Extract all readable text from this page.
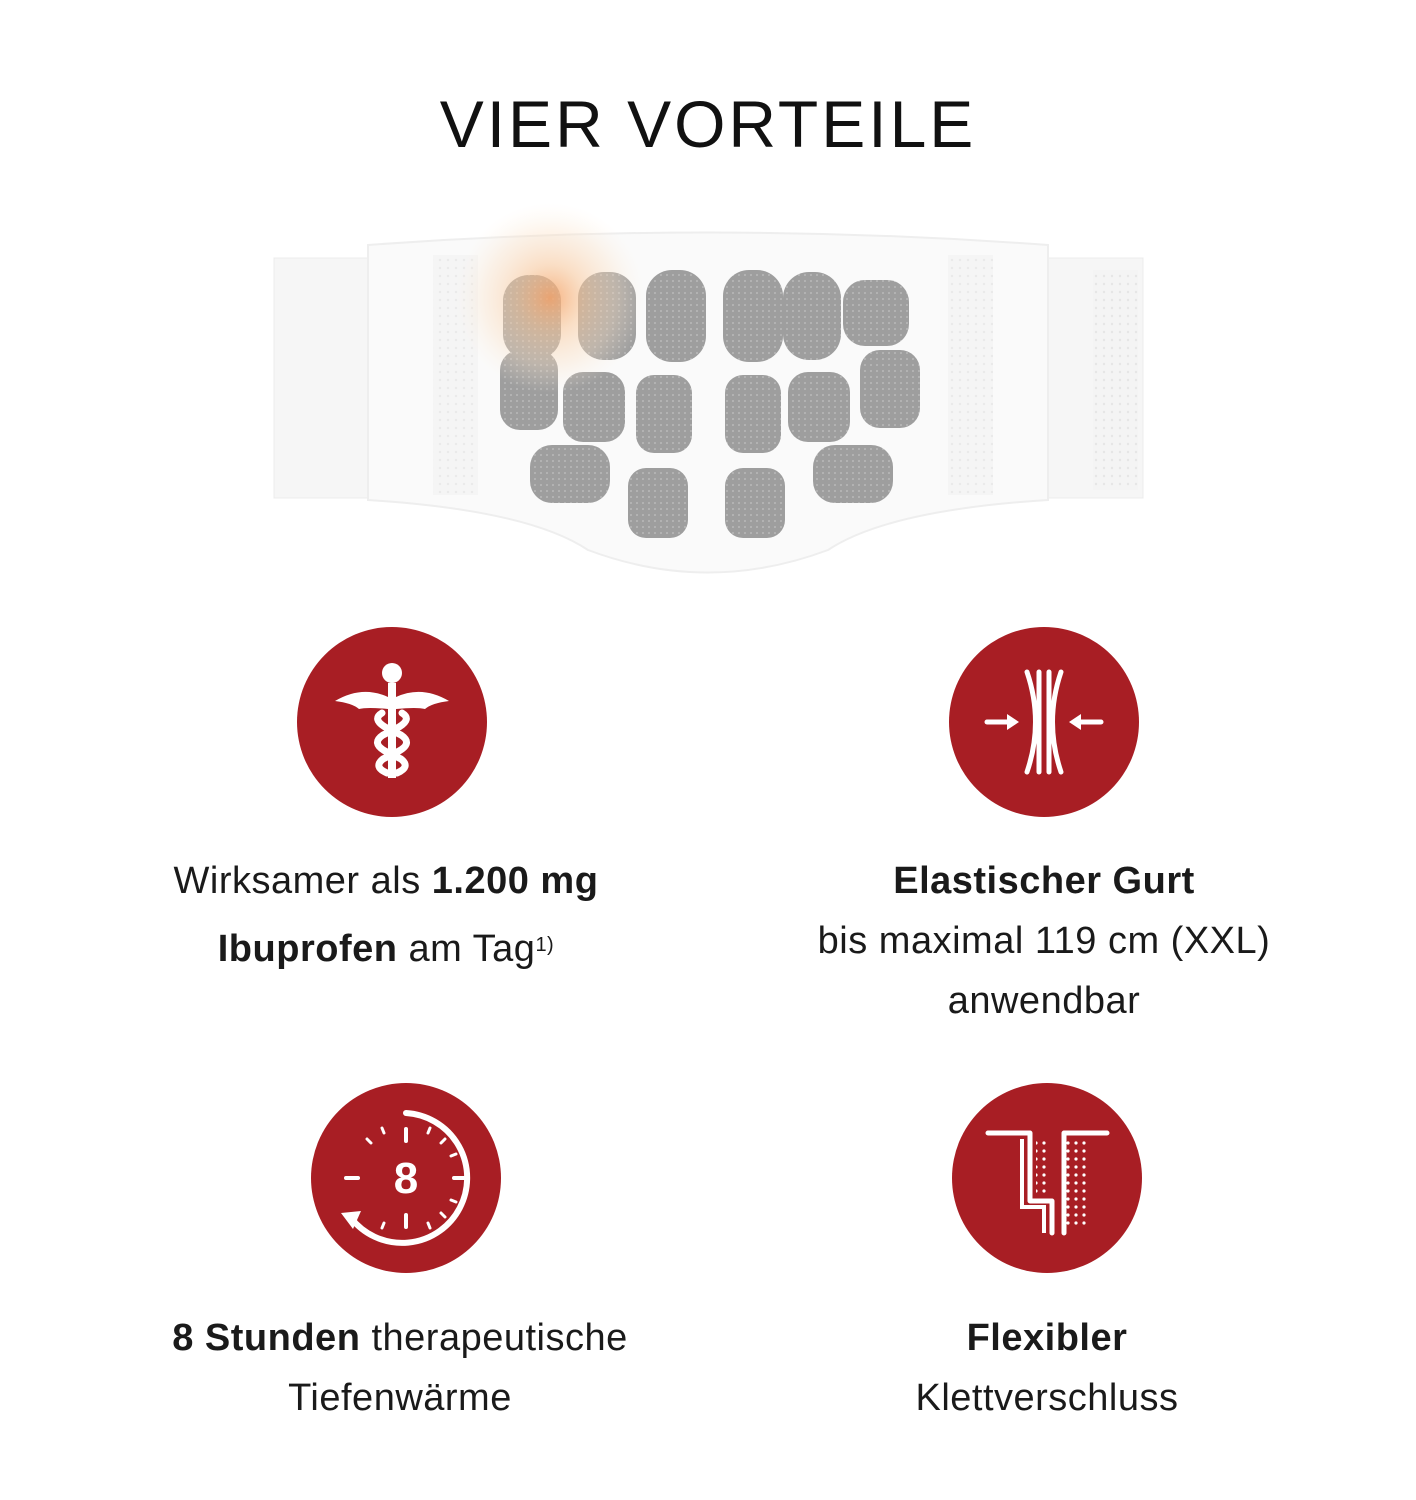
VIER VORTEILE
Wirksamer als 1.200 mg
Ibuprofen am Tag$^{1)}$
Elastischer Gurt
bis maximal 119 cm (XXL)
anwendbar
8
8 Stunden therapeutische
Tiefenwärme
Flexibler
Klettverschluss
